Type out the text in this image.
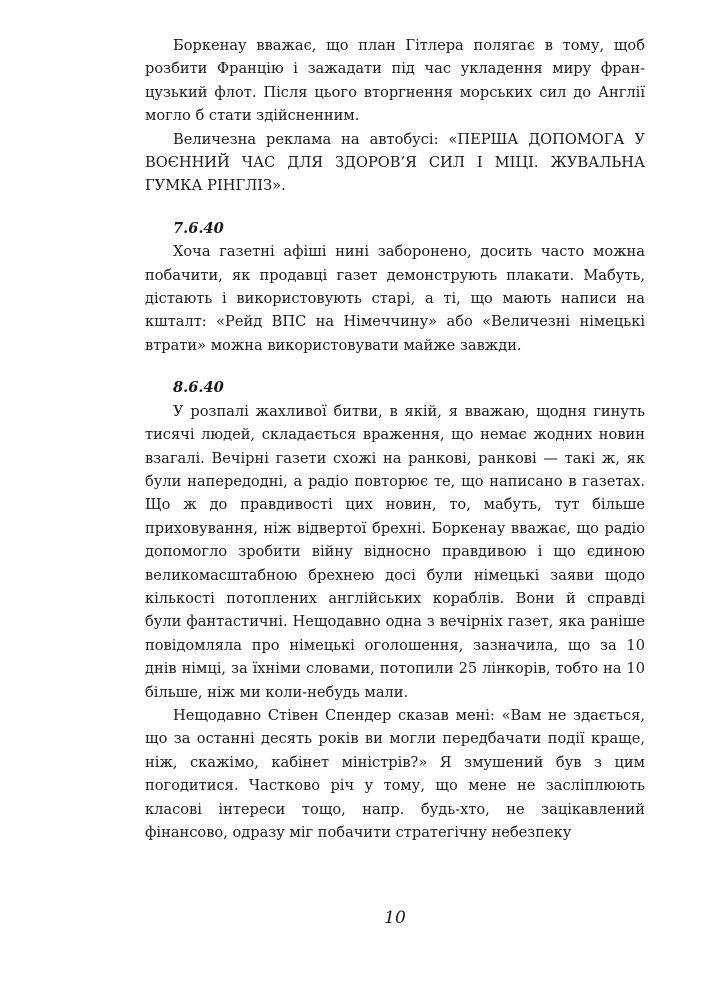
Боркенау вважає, що план Гітлера полягає в тому, щоб розбити Францію і зажадати під час укладення миру французький флот. Після цього вторгнення морських сил до Англії могло б стати здійсненним.

Величезна реклама на автобусі: «ПЕРША ДОПОМОГА У ВОЄННИЙ ЧАС ДЛЯ ЗДОРОВ’Я СИЛ І МІЦІ. ЖУВАЛЬНА ГУМКА РІНГЛІЗ».

7.6.40

Хоча газетні афіші нині заборонено, досить часто можна побачити, як продавці газет демонструють плакати. Мабуть, дістають і використовують старі, а ті, що мають написи на кшталт: «Рейд ВПС на Німеччину» або «Величезні німецькі втрати» можна використовувати майже завжди.

8.6.40

У розпалі жахливої битви, в якій, я вважаю, щодня гинуть тисячі людей, складається враження, що немає жодних новин взагалі. Вечірні газети схожі на ранкові, ранкові — такі ж, як були напередодні, а радіо повторює те, що написано в газетах. Що ж до правдивості цих новин, то, мабуть, тут більше приховування, ніж відвертої брехні. Боркенау вважає, що радіо допомогло зробити війну відносно правдивою і що єдиною великомасштабною брехнею досі були німецькі заяви щодо кількості потоплених англійських кораблів. Вони й справді були фантастичні. Нещодавно одна з вечірніх газет, яка раніше повідомляла про німецькі оголошення, зазначила, що за 10 днів німці, за їхніми словами, потопили 25 лінкорів, тобто на 10 більше, ніж ми коли-небудь мали.

Нещодавно Стівен Спендер сказав мені: «Вам не здається, що за останні десять років ви могли передбачати події краще, ніж, скажімо, кабінет міністрів?» Я змушений був з цим погодитися. Частково річ у тому, що мене не засліплюють класові інтереси тощо, напр. будь-хто, не зацікавлений фінансово, одразу міг побачити стратегічну небезпеку

10
